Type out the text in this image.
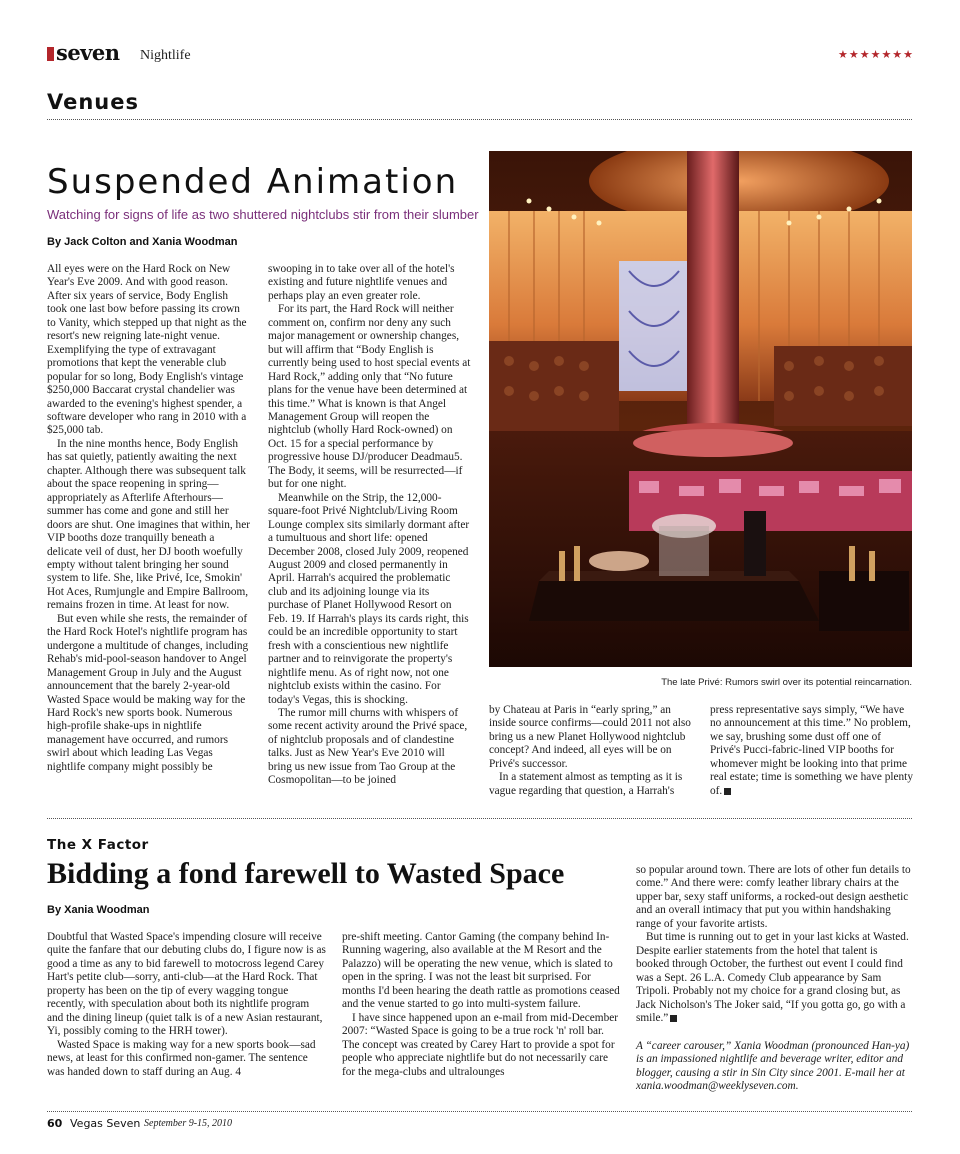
seven Nightlife	★★★★★★★
Venues
Suspended Animation
Watching for signs of life as two shuttered nightclubs stir from their slumber
By Jack Colton and Xania Woodman

All eyes were on the Hard Rock on New Year's Eve 2009. And with good reason. After six years of service, Body English took one last bow before passing its crown to Vanity, which stepped up that night as the resort's new reigning late-night venue. Exemplifying the type of extravagant promotions that kept the venerable club popular for so long, Body English's vintage $250,000 Baccarat crystal chandelier was awarded to the evening's highest spender, a software developer who rang in 2010 with a $25,000 tab.

In the nine months hence, Body English has sat quietly, patiently awaiting the next chapter. Although there was subsequent talk about the space reopening in spring—appropriately as Afterlife Afterhours—summer has come and gone and still her doors are shut. One imagines that within, her VIP booths doze tranquilly beneath a delicate veil of dust, her DJ booth woefully empty without talent bringing her sound system to life. She, like Privé, Ice, Smokin' Hot Aces, Rumjungle and Empire Ballroom, remains frozen in time. At least for now.

But even while she rests, the remainder of the Hard Rock Hotel's nightlife program has undergone a multitude of changes, including Rehab's mid-pool-season handover to Angel Management Group in July and the August announcement that the barely 2-year-old Wasted Space would be making way for the Hard Rock's new sports book. Numerous high-profile shake-ups in nightlife management have occurred, and rumors swirl about which leading Las Vegas nightlife company might possibly be

swooping in to take over all of the hotel's existing and future nightlife venues and perhaps play an even greater role.

For its part, the Hard Rock will neither comment on, confirm nor deny any such major management or ownership changes, but will affirm that “Body English is currently being used to host special events at Hard Rock,” adding only that “No future plans for the venue have been determined at this time.” What is known is that Angel Management Group will reopen the nightclub (wholly Hard Rock-owned) on Oct. 15 for a special performance by progressive house DJ/producer Deadmau5. The Body, it seems, will be resurrected—if but for one night.

Meanwhile on the Strip, the 12,000-square-foot Privé Nightclub/Living Room Lounge complex sits similarly dormant after a tumultuous and short life: opened December 2008, closed July 2009, reopened August 2009 and closed permanently in April. Harrah's acquired the problematic club and its adjoining lounge via its purchase of Planet Hollywood Resort on Feb. 19. If Harrah's plays its cards right, this could be an incredible opportunity to start fresh with a conscientious new nightlife partner and to reinvigorate the property's nightlife menu. As of right now, not one nightclub exists within the casino. For today's Vegas, this is shocking.

The rumor mill churns with whispers of some recent activity around the Privé space, of nightclub proposals and of clandestine talks. Just as New Year's Eve 2010 will bring us new issue from Tao Group at the Cosmopolitan—to be joined

The late Privé: Rumors swirl over its potential reincarnation.

by Chateau at Paris in “early spring,” an inside source confirms—could 2011 not also bring us a new Planet Hollywood nightclub concept? And indeed, all eyes will be on Privé's successor.

In a statement almost as tempting as it is vague regarding that question, a Harrah's

press representative says simply, “We have no announcement at this time.” No problem, we say, brushing some dust off one of Privé's Pucci-fabric-lined VIP booths for whomever might be looking into that prime real estate; time is something we have plenty of.

The X Factor
Bidding a fond farewell to Wasted Space
By Xania Woodman

Doubtful that Wasted Space's impending closure will receive quite the fanfare that our debuting clubs do, I figure now is as good a time as any to bid farewell to motocross legend Carey Hart's petite club—sorry, anti-club—at the Hard Rock. That property has been on the tip of every wagging tongue recently, with speculation about both its nightlife program and the dining lineup (quiet talk is of a new Asian restaurant, Yi, possibly coming to the HRH tower).

Wasted Space is making way for a new sports book—sad news, at least for this confirmed non-gamer. The sentence was handed down to staff during an Aug. 4

pre-shift meeting. Cantor Gaming (the company behind In-Running wagering, also available at the M Resort and the Palazzo) will be operating the new venue, which is slated to open in the spring. I was not the least bit surprised. For months I'd been hearing the death rattle as promotions ceased and the venue started to go into multi-system failure.

I have since happened upon an e-mail from mid-December 2007: “Wasted Space is going to be a true rock 'n' roll bar. The concept was created by Carey Hart to provide a spot for people who appreciate nightlife but do not necessarily care for the mega-clubs and ultralounges

so popular around town. There are lots of other fun details to come.” And there were: comfy leather library chairs at the upper bar, sexy staff uniforms, a rocked-out design aesthetic and an overall intimacy that put you within handshaking range of your favorite artists.

But time is running out to get in your last kicks at Wasted. Despite earlier statements from the hotel that talent is booked through October, the furthest out event I could find was a Sept. 26 L.A. Comedy Club appearance by Sam Tripoli. Probably not my choice for a grand closing but, as Jack Nicholson's The Joker said, “If you gotta go, go with a smile.”

A “career carouser,” Xania Woodman (pronounced Han-ya) is an impassioned nightlife and beverage writer, editor and blogger, causing a stir in Sin City since 2001. E-mail her at xania.woodman@weeklyseven.com.

60 Vegas Seven September 9-15, 2010
